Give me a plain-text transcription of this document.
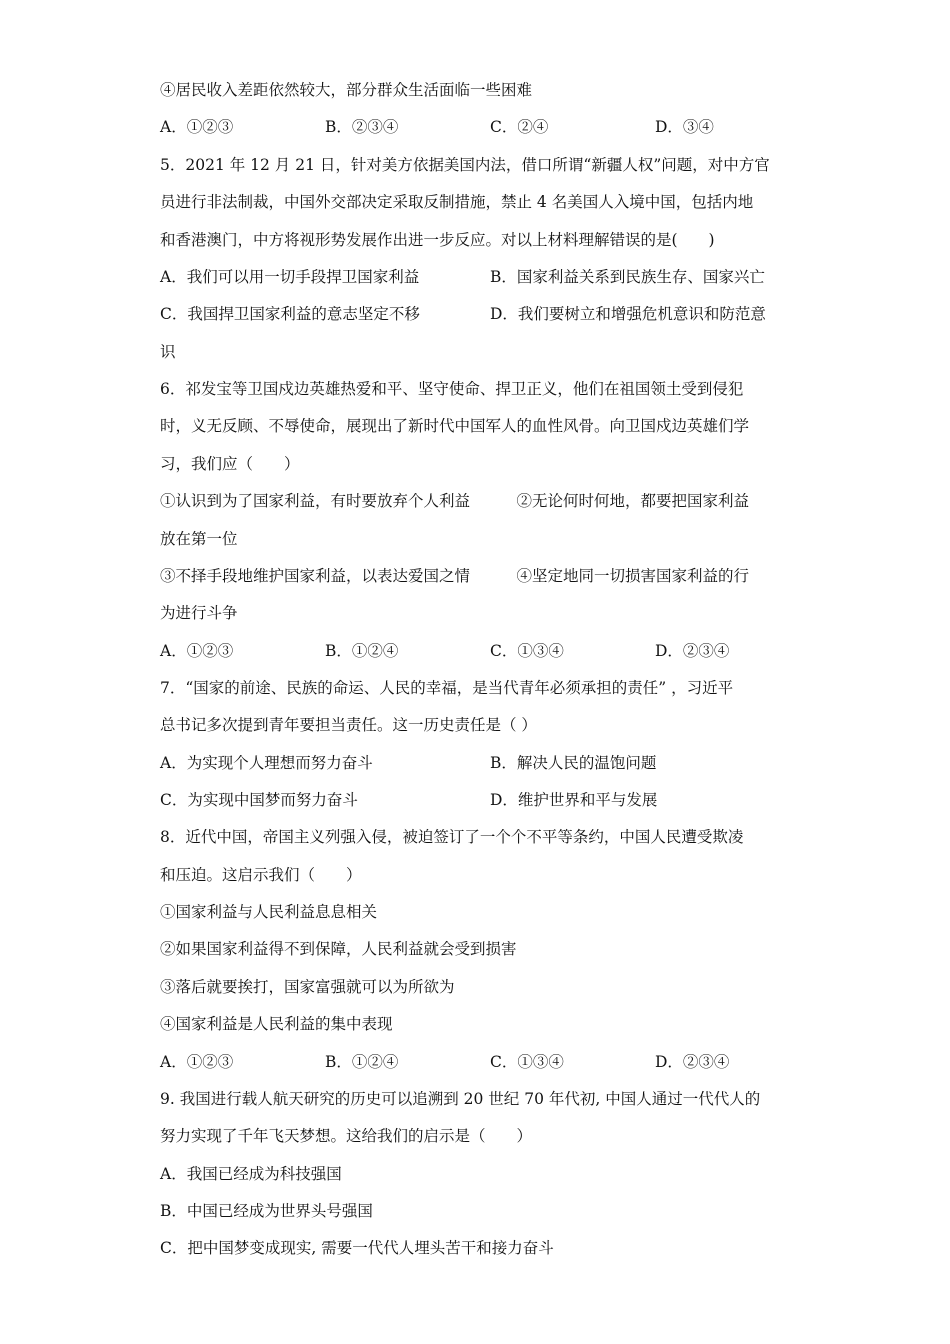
④居民收入差距依然较大，部分群众生活面临一些困难
A．①②③	B．②③④	C．②④	D．③④
5．2021 年 12 月 21 日，针对美方依据美国内法，借口所谓“新疆人权”问题，对中方官
员进行非法制裁，中国外交部决定采取反制措施，禁止 4 名美国人入境中国，包括内地
和香港澳门，中方将视形势发展作出进一步反应。对以上材料理解错误的是(　　)
A．我们可以用一切手段捍卫国家利益	B．国家利益关系到民族生存、国家兴亡
C．我国捍卫国家利益的意志坚定不移	D．我们要树立和增强危机意识和防范意
识
6．祁发宝等卫国戍边英雄热爱和平、坚守使命、捍卫正义，他们在祖国领土受到侵犯
时，义无反顾、不辱使命，展现出了新时代中国军人的血性风骨。向卫国戍边英雄们学
习，我们应（　　）
①认识到为了国家利益，有时要放弃个人利益　　　②无论何时何地，都要把国家利益
放在第一位
③不择手段地维护国家利益，以表达爱国之情　　　④坚定地同一切损害国家利益的行
为进行斗争
A．①②③	B．①②④	C．①③④	D．②③④
7．“国家的前途、民族的命运、人民的幸福，是当代青年必须承担的责任” ，习近平
总书记多次提到青年要担当责任。这一历史责任是（ ）
A．为实现个人理想而努力奋斗	B．解决人民的温饱问题
C．为实现中国梦而努力奋斗	D．维护世界和平与发展
8．近代中国，帝国主义列强入侵，被迫签订了一个个不平等条约，中国人民遭受欺凌
和压迫。这启示我们（　　）
①国家利益与人民利益息息相关
②如果国家利益得不到保障，人民利益就会受到损害
③落后就要挨打，国家富强就可以为所欲为
④国家利益是人民利益的集中表现
A．①②③	B．①②④	C．①③④	D．②③④
9. 我国进行载人航天研究的历史可以追溯到 20 世纪 70 年代初, 中国人通过一代代人的
努力实现了千年飞天梦想。这给我们的启示是（　　）
A．我国已经成为科技强国
B．中国已经成为世界头号强国
C．把中国梦变成现实, 需要一代代人埋头苦干和接力奋斗
